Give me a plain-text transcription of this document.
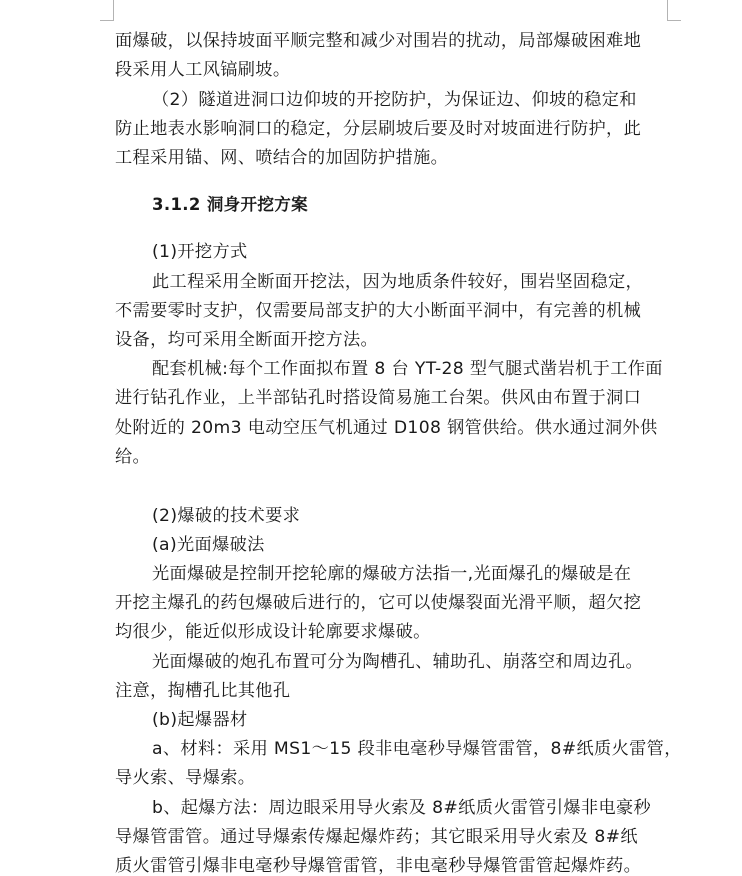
面爆破，以保持坡面平顺完整和减少对围岩的扰动，局部爆破困难地
段采用人工风镐刷坡。
（2）隧道进洞口边仰坡的开挖防护，为保证边、仰坡的稳定和
防止地表水影响洞口的稳定，分层刷坡后要及时对坡面进行防护，此
工程采用锚、网、喷结合的加固防护措施。
3.1.2 洞身开挖方案
(1)开挖方式
此工程采用全断面开挖法，因为地质条件较好，围岩坚固稳定，
不需要零时支护，仅需要局部支护的大小断面平洞中，有完善的机械
设备，均可采用全断面开挖方法。
配套机械:每个工作面拟布置 8 台 YT-28 型气腿式凿岩机于工作面
进行钻孔作业，上半部钻孔时搭设简易施工台架。供风由布置于洞口
处附近的 20m3 电动空压气机通过 D108 钢管供给。供水通过洞外供
给。
(2)爆破的技术要求
(a)光面爆破法
光面爆破是控制开挖轮廓的爆破方法指一,光面爆孔的爆破是在
开挖主爆孔的药包爆破后进行的，它可以使爆裂面光滑平顺，超欠挖
均很少，能近似形成设计轮廓要求爆破。
光面爆破的炮孔布置可分为陶槽孔、辅助孔、崩落空和周边孔。
注意，掏槽孔比其他孔
(b)起爆器材
a、材料：采用 MS1～15 段非电毫秒导爆管雷管，8#纸质火雷管，
导火索、导爆索。
b、起爆方法：周边眼采用导火索及 8#纸质火雷管引爆非电豪秒
导爆管雷管。通过导爆索传爆起爆炸药；其它眼采用导火索及 8#纸
质火雷管引爆非电毫秒导爆管雷管，非电毫秒导爆管雷管起爆炸药。
